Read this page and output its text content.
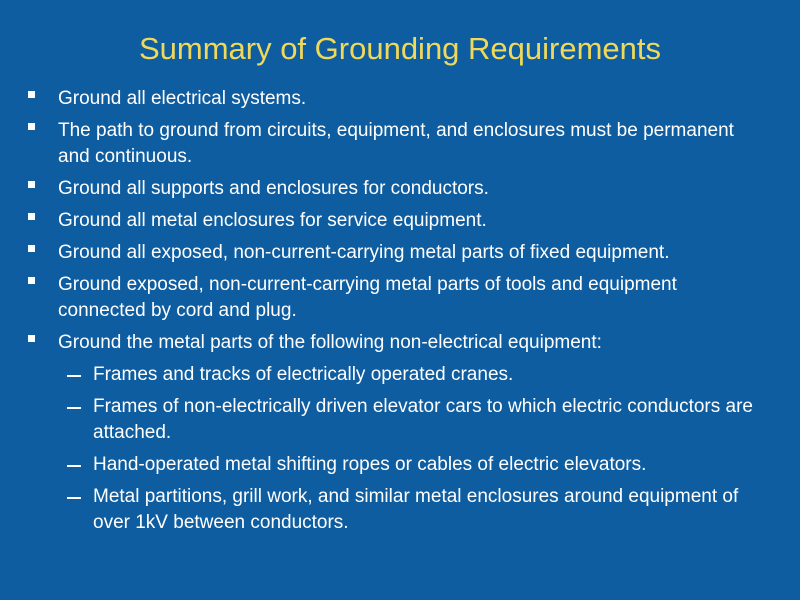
Summary of Grounding Requirements
Ground all electrical systems.
The path to ground from circuits, equipment, and enclosures must be permanent and continuous.
Ground all supports and enclosures for conductors.
Ground all metal enclosures for service equipment.
Ground all exposed, non-current-carrying metal parts of fixed equipment.
Ground exposed, non-current-carrying metal parts of tools and equipment connected by cord and plug.
Ground the metal parts of the following non-electrical equipment:
Frames and tracks of electrically operated cranes.
Frames of non-electrically driven elevator cars to which electric conductors are attached.
Hand-operated metal shifting ropes or cables of electric elevators.
Metal partitions, grill work, and similar metal enclosures around equipment of over 1kV between conductors.
